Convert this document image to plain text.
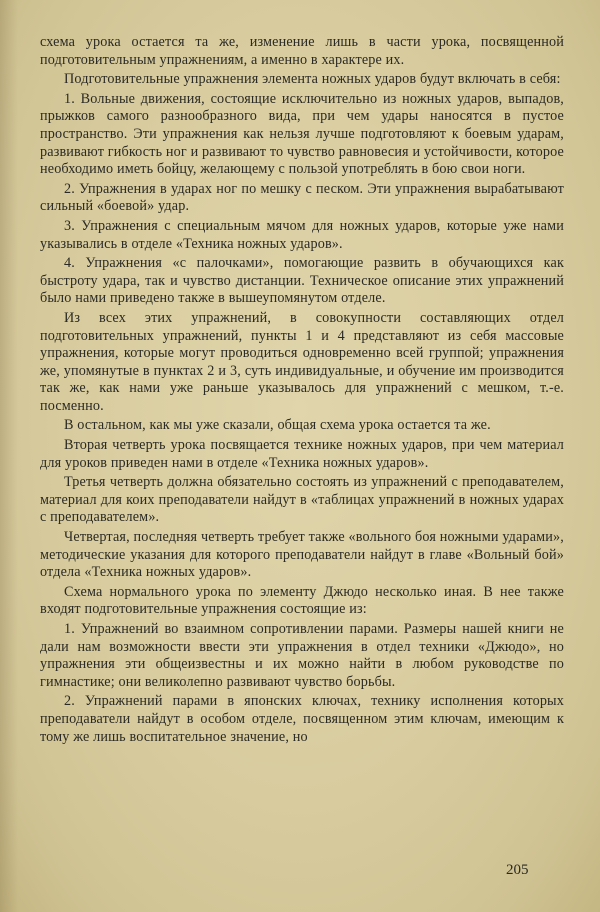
схема урока остается та же, изменение лишь в части урока, посвященной подготовительным упражнениям, а именно в характере их.

Подготовительные упражнения элемента ножных ударов будут включать в себя:

1. Вольные движения, состоящие исключительно из ножных ударов, выпадов, прыжков самого разнообразного вида, при чем удары наносятся в пустое пространство. Эти упражнения как нельзя лучше подготовляют к боевым ударам, развивают гибкость ног и развивают то чувство равновесия и устойчивости, которое необходимо иметь бойцу, желающему с пользой употреблять в бою свои ноги.

2. Упражнения в ударах ног по мешку с песком. Эти упражнения вырабатывают сильный «боевой» удар.

3. Упражнения с специальным мячом для ножных ударов, которые уже нами указывались в отделе «Техника ножных ударов».

4. Упражнения «с палочками», помогающие развить в обучающихся как быстроту удара, так и чувство дистанции. Техническое описание этих упражнений было нами приведено также в вышеупомянутом отделе.

Из всех этих упражнений, в совокупности составляющих отдел подготовительных упражнений, пункты 1 и 4 представляют из себя массовые упражнения, которые могут проводиться одновременно всей группой; упражнения же, упомянутые в пунктах 2 и 3, суть индивидуальные, и обучение им производится так же, как нами уже раньше указывалось для упражнений с мешком, т.-е. посменно.

В остальном, как мы уже сказали, общая схема урока остается та же.

Вторая четверть урока посвящается технике ножных ударов, при чем материал для уроков приведен нами в отделе «Техника ножных ударов».

Третья четверть должна обязательно состоять из упражнений с преподавателем, материал для коих преподаватели найдут в «таблицах упражнений в ножных ударах с преподавателем».

Четвертая, последняя четверть требует также «вольного боя ножными ударами», методические указания для которого преподаватели найдут в главе «Вольный бой» отдела «Техника ножных ударов».

Схема нормального урока по элементу Джюдо несколько иная. В нее также входят подготовительные упражнения состоящие из:

1. Упражнений во взаимном сопротивлении парами. Размеры нашей книги не дали нам возможности ввести эти упражнения в отдел техники «Джюдо», но упражнения эти общеизвестны и их можно найти в любом руководстве по гимнастике; они великолепно развивают чувство борьбы.

2. Упражнений парами в японских ключах, технику исполнения которых преподаватели найдут в особом отделе, посвященном этим ключам, имеющим к тому же лишь воспитательное значение, но

205
